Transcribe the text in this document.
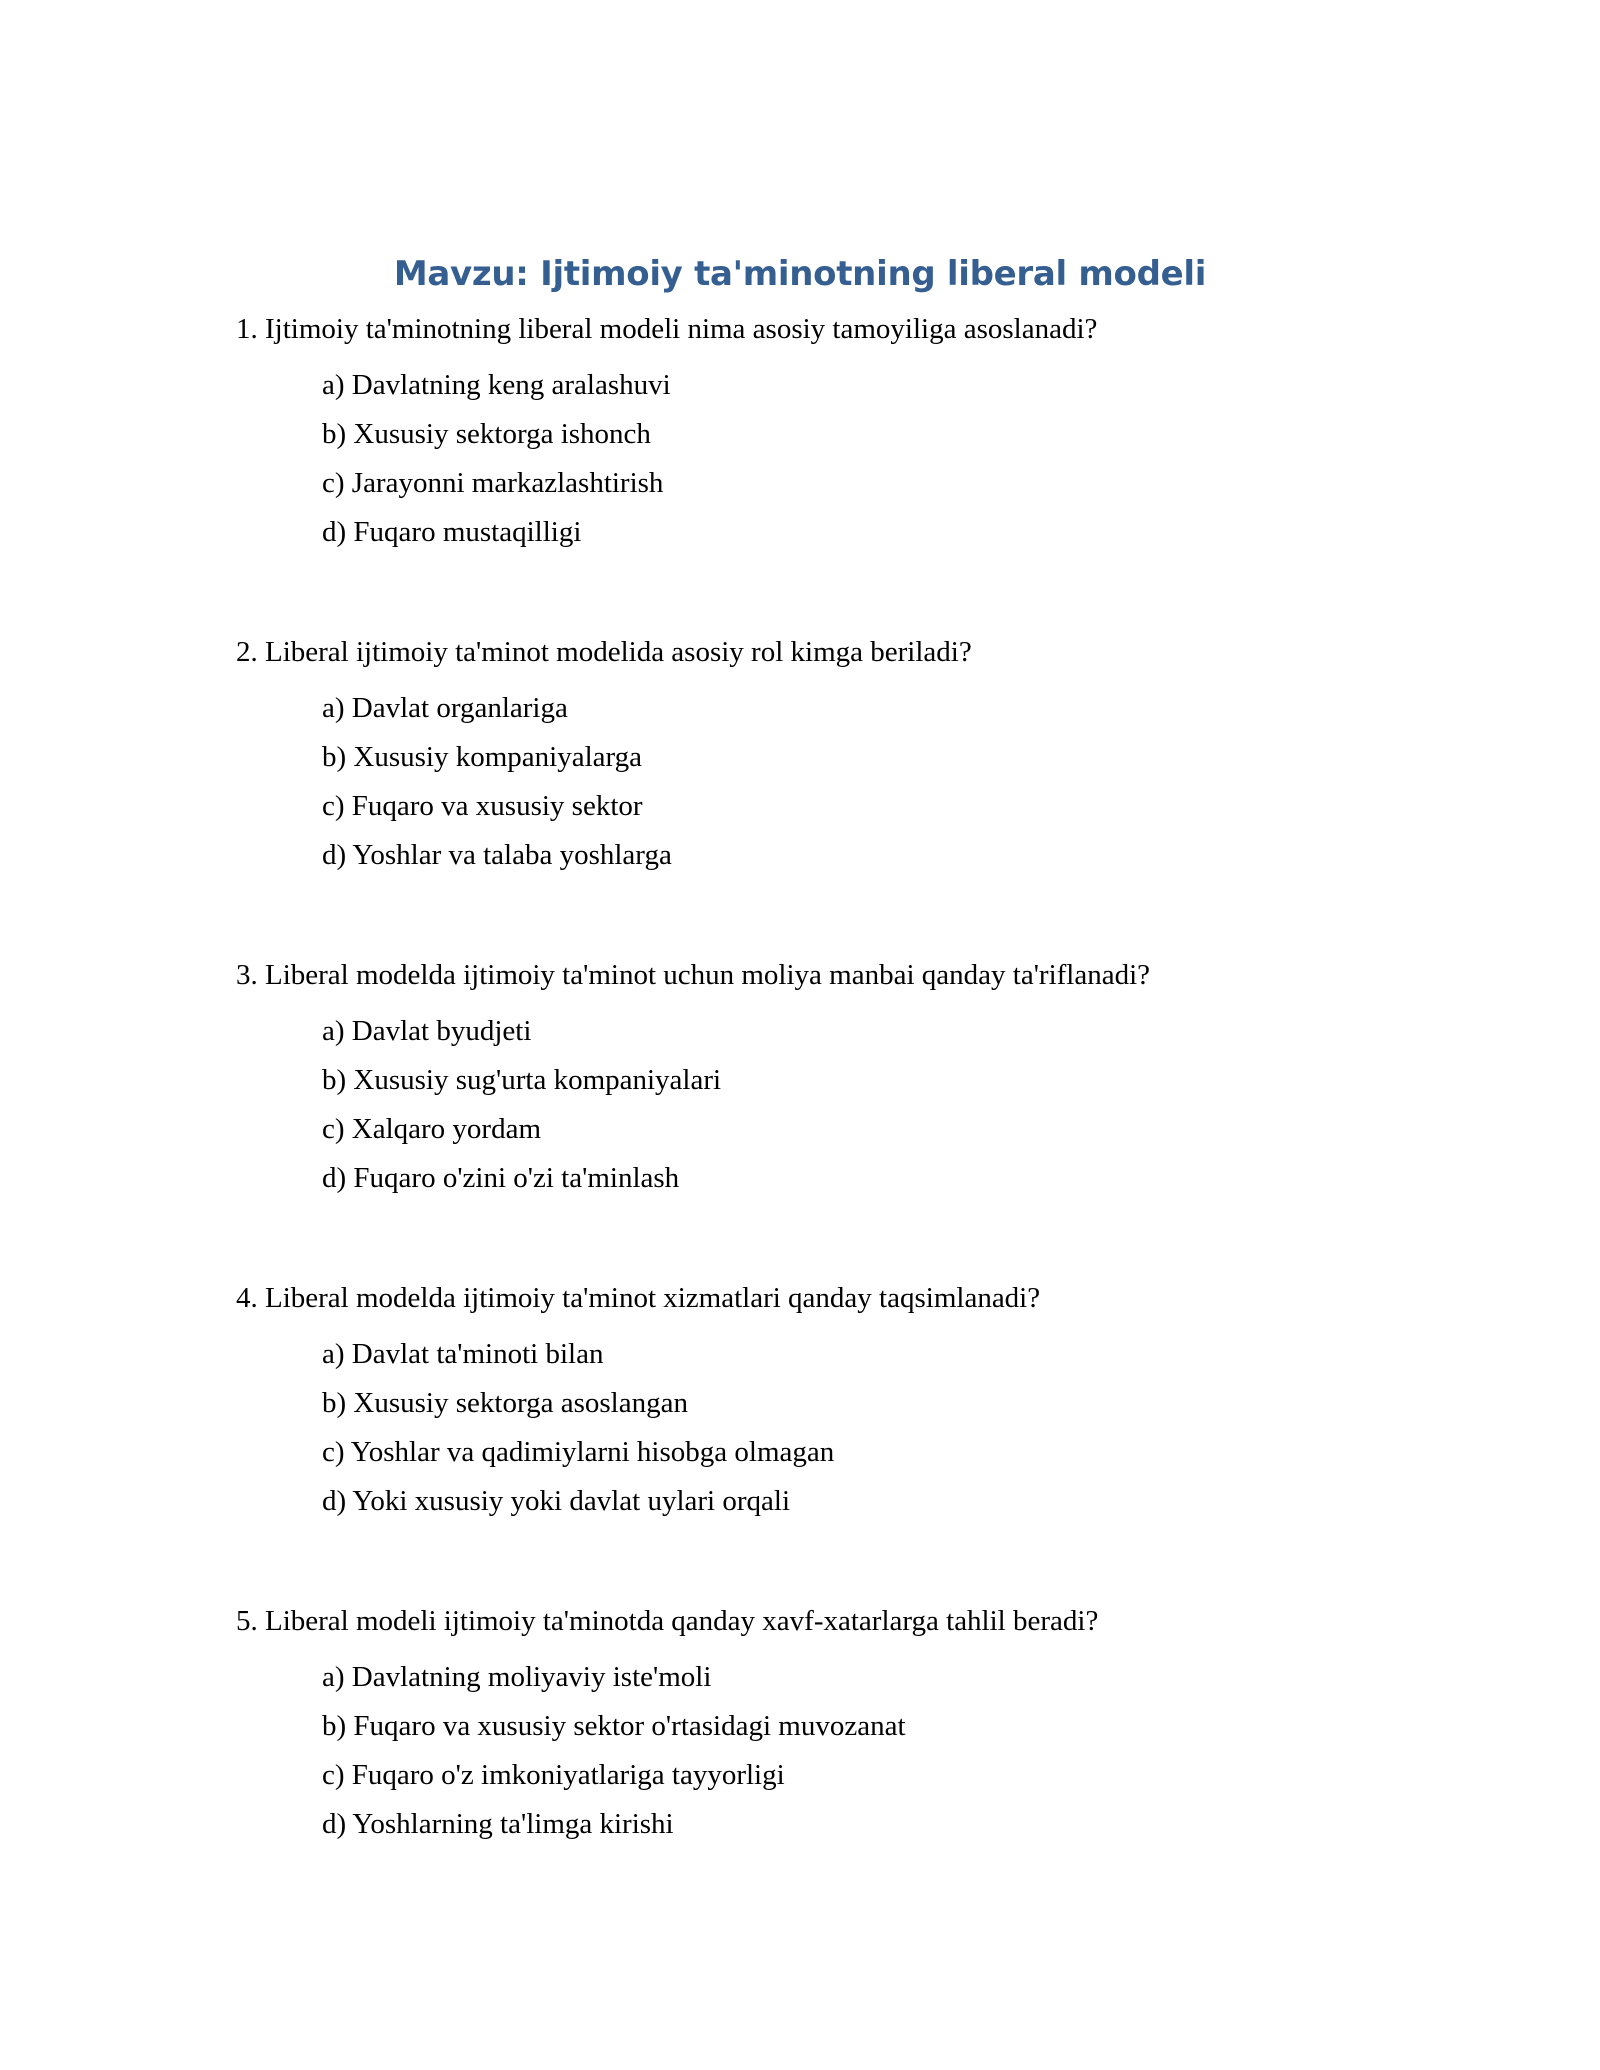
Mavzu: Ijtimoiy ta'minotning liberal modeli
1. Ijtimoiy ta'minotning liberal modeli nima asosiy tamoyiliga asoslanadi?
a) Davlatning keng aralashuvi
b) Xususiy sektorga ishonch
c) Jarayonni markazlashtirish
d) Fuqaro mustaqilligi
2. Liberal ijtimoiy ta'minot modelida asosiy rol kimga beriladi?
a) Davlat organlariga
b) Xususiy kompaniyalarga
c) Fuqaro va xususiy sektor
d) Yoshlar va talaba yoshlarga
3. Liberal modelda ijtimoiy ta'minot uchun moliya manbai qanday ta'riflanadi?
a) Davlat byudjeti
b) Xususiy sug'urta kompaniyalari
c) Xalqaro yordam
d) Fuqaro o'zini o'zi ta'minlash
4. Liberal modelda ijtimoiy ta'minot xizmatlari qanday taqsimlanadi?
a) Davlat ta'minoti bilan
b) Xususiy sektorga asoslangan
c) Yoshlar va qadimiylarni hisobga olmagan
d) Yoki xususiy yoki davlat uylari orqali
5. Liberal modeli ijtimoiy ta'minotda qanday xavf-xatarlarga tahlil beradi?
a) Davlatning moliyaviy iste'moli
b) Fuqaro va xususiy sektor o'rtasidagi muvozanat
c) Fuqaro o'z imkoniyatlariga tayyorligi
d) Yoshlarning ta'limga kirishi
